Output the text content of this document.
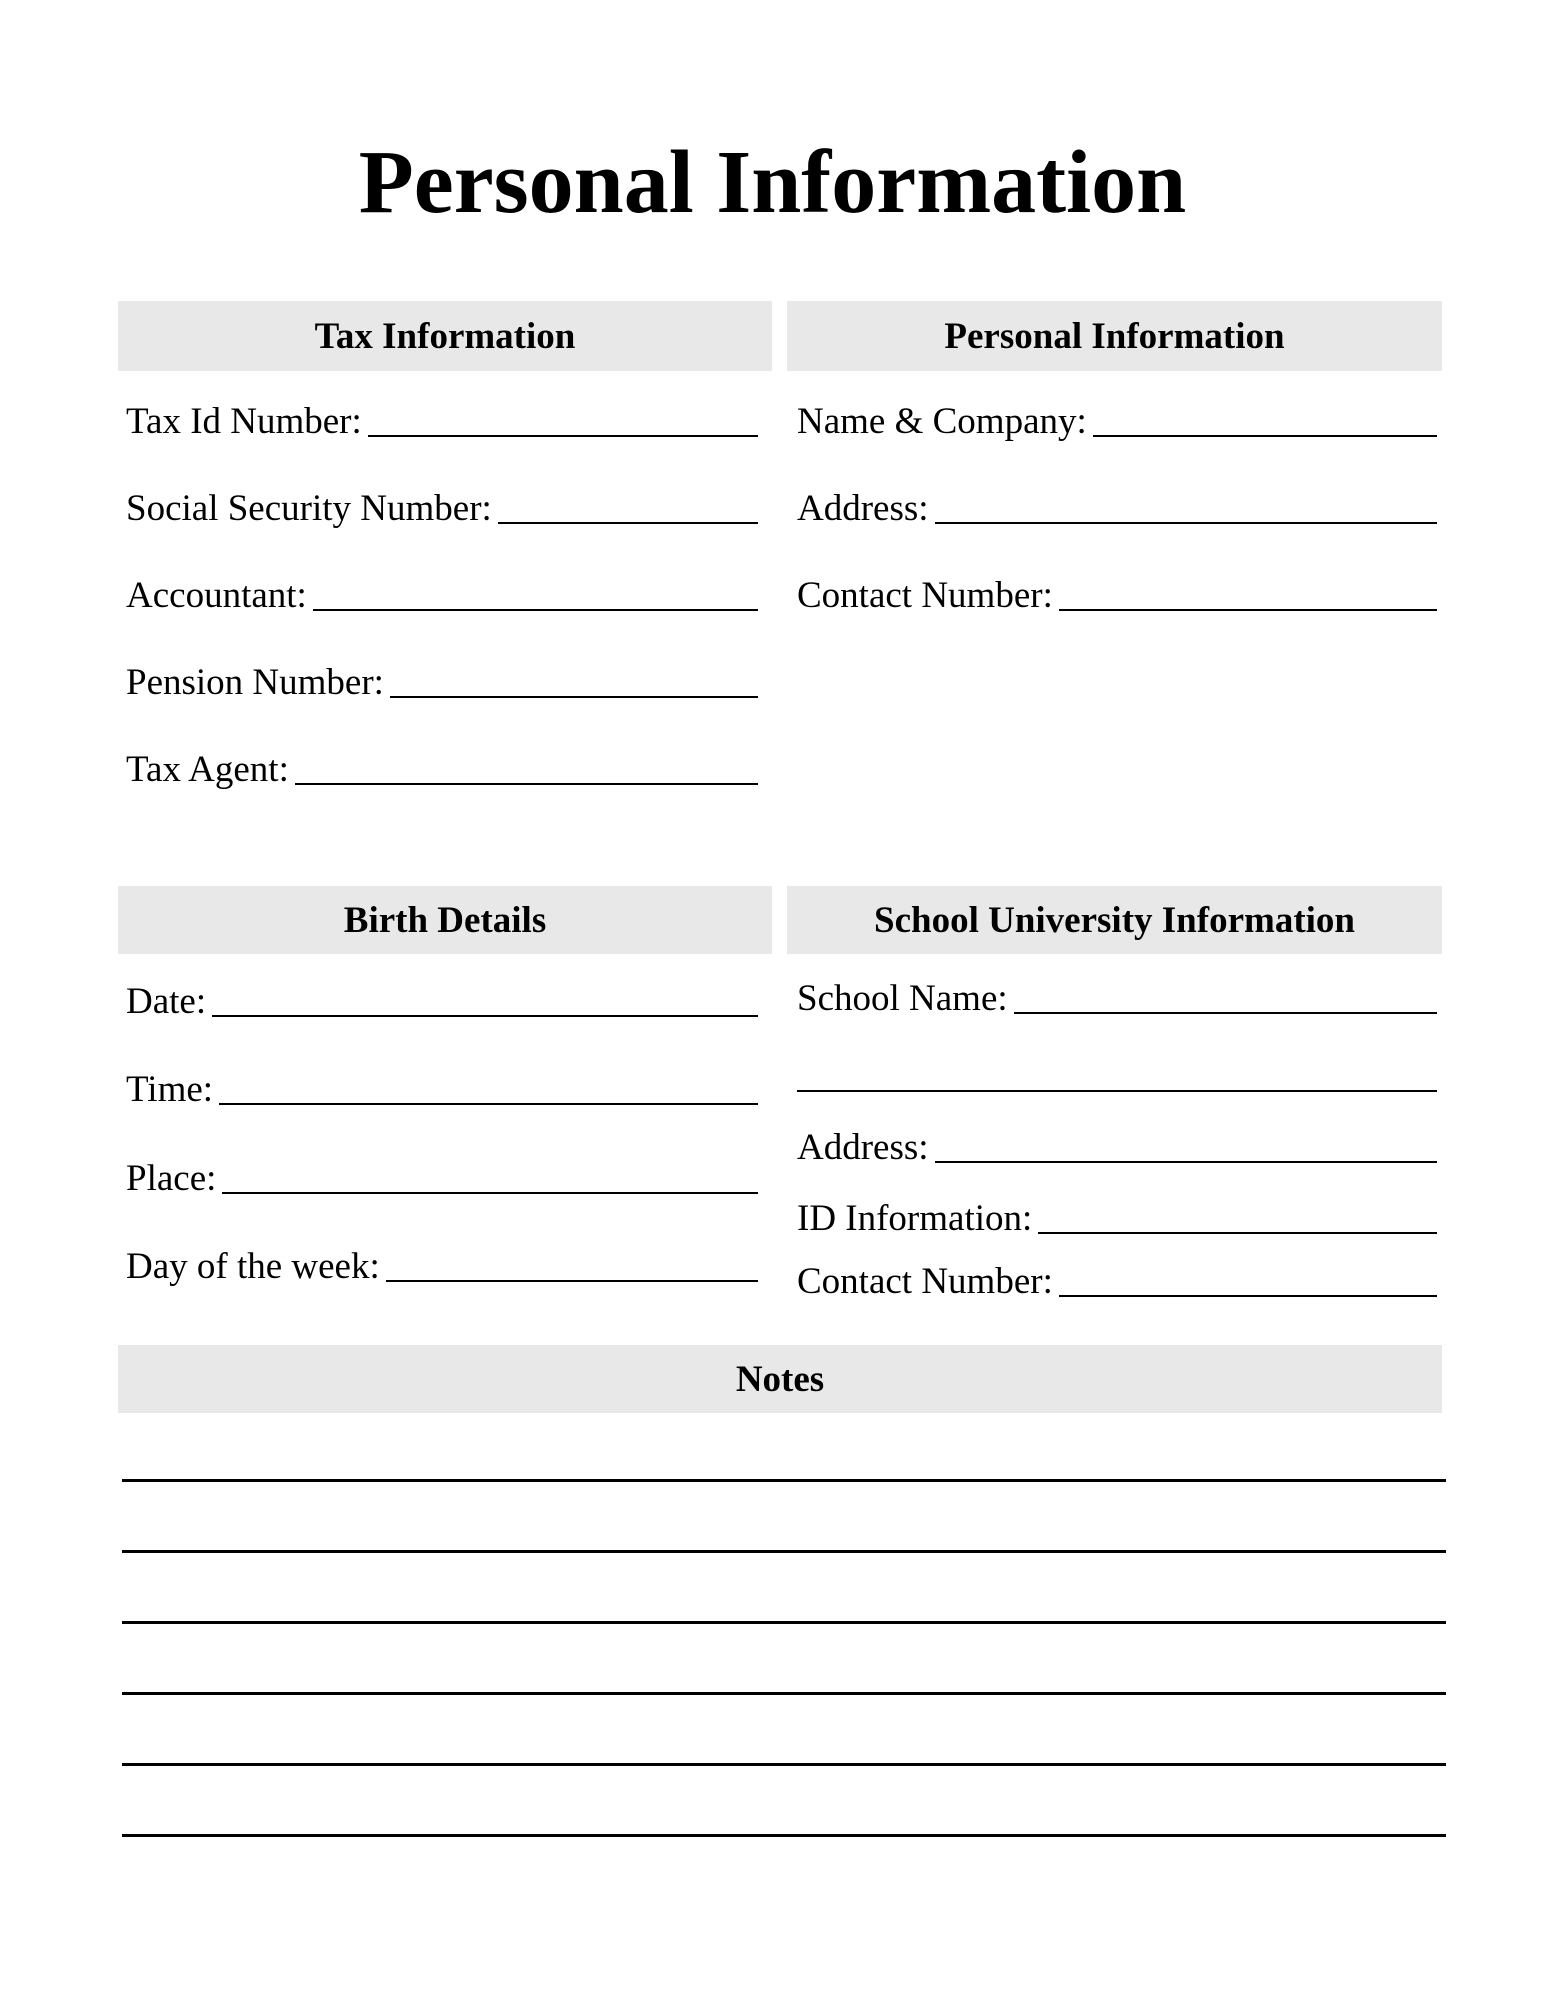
Personal Information
Tax Information	Personal Information
Tax Id Number:
Social Security Number:
Accountant:
Pension Number:
Tax Agent:
Name & Company:
Address:
Contact Number:
Birth Details	School University Information
Date:
Time:
Place:
Day of the week:
School Name:
Address:
ID Information:
Contact Number:
Notes
